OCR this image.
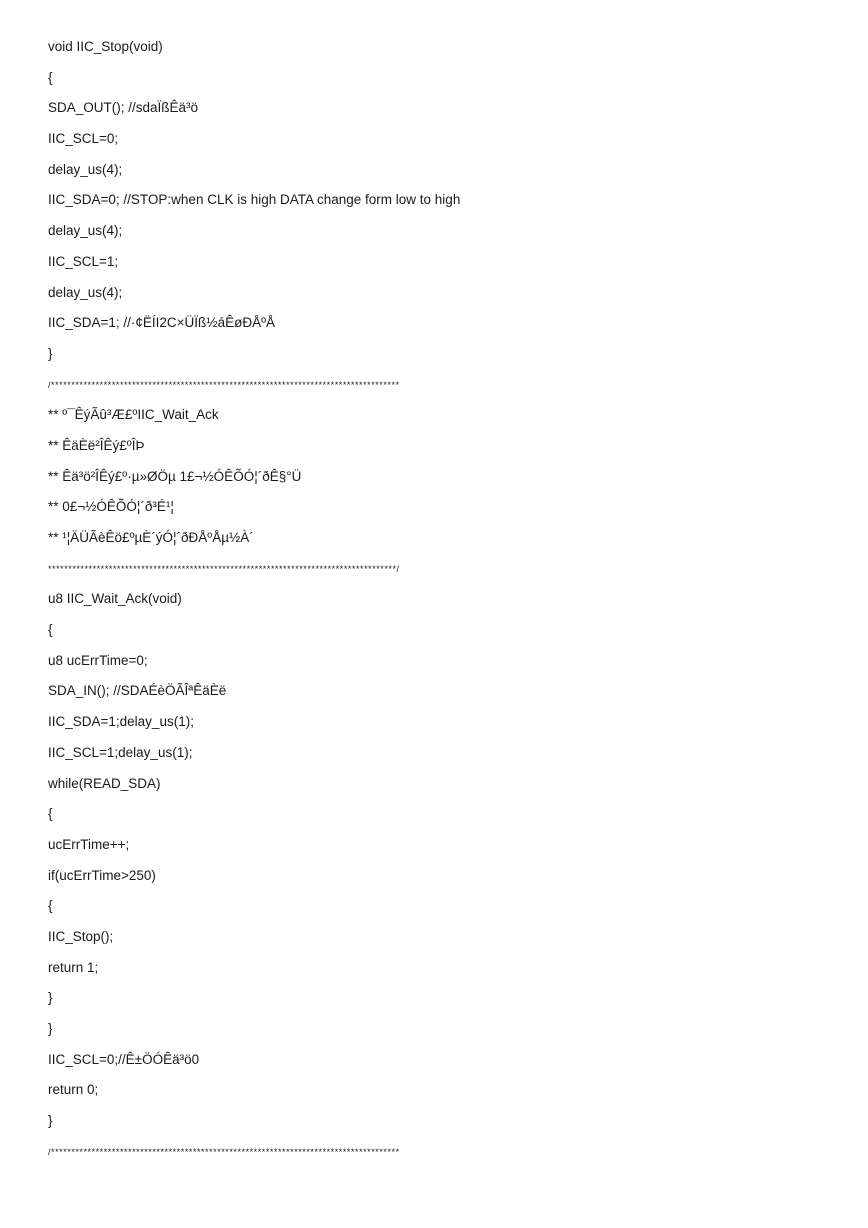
void IIC_Stop(void)
{
SDA_OUT(); //sdaÏßÊä³ö
IIC_SCL=0;
delay_us(4);
IIC_SDA=0; //STOP:when CLK is high DATA change form low to high
delay_us(4);
IIC_SCL=1;
delay_us(4);
IIC_SDA=1; //·¢ËÍI2C×ÜÏß½áÊøÐÅºÅ
}
/**************************************************************************************
** º¯ÊýÃû³Æ£ºIIC_Wait_Ack
** ÊäÈë²ÎÊý£ºÎÞ
** Êä³ö²ÎÊý£º·µ»ØÖµ 1£¬½ÓÊÕÓ¦´ðÊ§°Ü
** 0£¬½ÓÊÕÓ¦´ð³É¹¦
** ¹¦ÄÜÃèÊö£ºµÈ´ýÓ¦´ðÐÅºÅµ½À´
**************************************************************************************/
u8 IIC_Wait_Ack(void)
{
u8 ucErrTime=0;
SDA_IN(); //SDAÉèÖÃÎªÊäÈë
IIC_SDA=1;delay_us(1);
IIC_SCL=1;delay_us(1);
while(READ_SDA)
{
ucErrTime++;
if(ucErrTime>250)
{
IIC_Stop();
return 1;
}
}
IIC_SCL=0;//Ê±ÖÓÊä³ö0
return 0;
}
/**************************************************************************************
